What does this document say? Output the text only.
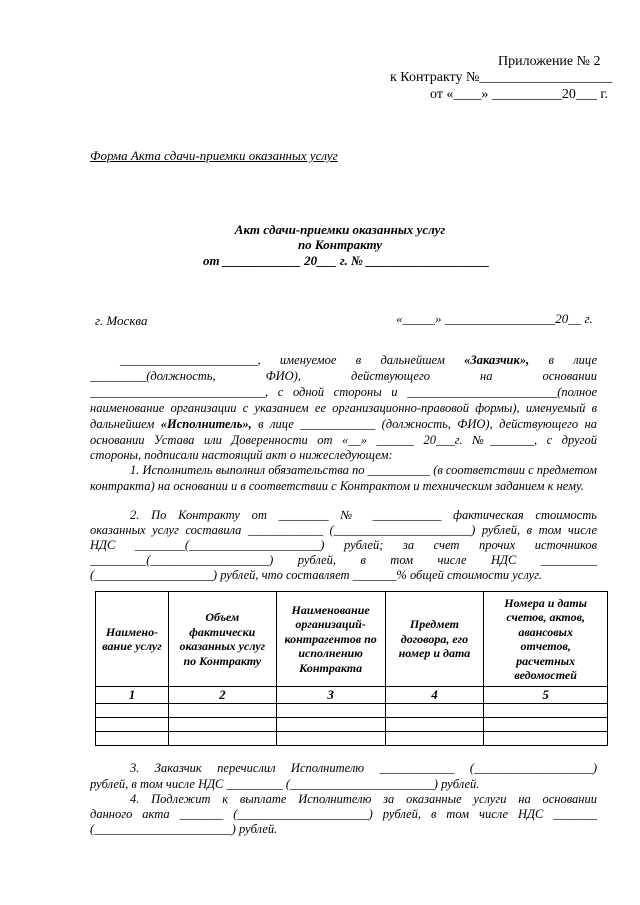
Приложение № 2
к Контракту №___________________
от «____» __________20___ г.
Форма Акта сдачи-приемки оказанных услуг
Акт сдачи-приемки оказанных услуг
по Контракту
от ____________ 20___ г. № ___________________
г. Москва	«_____» _________________20__ г.
______________________, именуемое в дальнейшем «Заказчик», в лице
_________(должность, ФИО), действующего на основании
____________________________, с одной стороны и ________________________(полное
наименование организации с указанием ее организационно-правовой формы), именуемый в
дальнейшем «Исполнитель», в лице ____________ (должность, ФИО), действующего на
основании Устава или Доверенности от «__» ______ 20___г. №_______, с другой
стороны, подписали настоящий акт о нижеследующем:
1. Исполнитель выполнил обязательства по __________ (в соответствии с предметом контракта) на основании и в соответствии с Контрактом и техническим заданием к нему.
2. По Контракту от ________ № ___________ фактическая стоимость
оказанных услуг составила ____________ (______________________) рублей, в том числе
НДС ________(_____________________) рублей; за счет прочих источников
_________(___________________) рублей, в том числе НДС _________
(___________________) рублей, что составляет _______% общей стоимости услуг.
Наимено-вание услуг	Объем фактически оказанных услуг по Контракту	Наименование организаций-контрагентов по исполнению Контракта	Предмет договора, его номер и дата	Номера и даты счетов, актов, авансовых отчетов, расчетных ведомостей
1	2	3	4	5

3. Заказчик перечислил Исполнителю ____________ (___________________)
рублей, в том числе НДС _________ (_______________________) рублей.
4. Подлежит к выплате Исполнителю за оказанные услуги на основании
данного акта _______ (_____________________) рублей, в том числе НДС _______
(______________________) рублей.
